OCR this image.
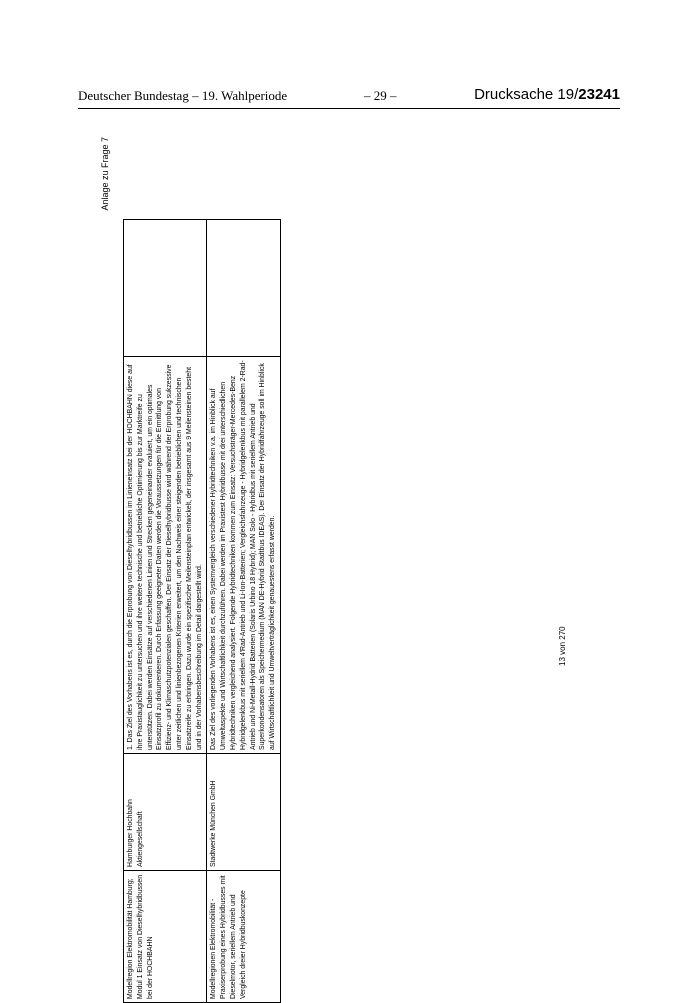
Deutscher Bundestag – 19. Wahlperiode	– 29 –	Drucksache 19/23241
Anlage zu Frage 7
Modellregion Elektromobilität Hamburg; Modul 1 Einsatz von Dieselhybridbussen bei der HOCHBAHN	Hamburger Hochbahn Aktiengesellschaft	1. Das Ziel des Vorhabens ist es, durch die Erprobung von Dieselhybridbussen im Linieneinsatz bei der HOCHBAHN diese auf ihre Praxistauglichkeit zu untersuchen und ihre weitere technische und betriebliche Optimierung bis zur Marktreife zu unterstützen. Dabei werden Einsätze auf verschiedenen Linien und Strecken gegeneinander evaluiert, um ein optimales Einsatzprofil zu dokumentieren. Durch Erfassung geeigneter Daten werden die Voraussetzungen für die Ermittlung von Effizienz- und Klimaschutzpotenzialen geschaffen. Der Einsatz der Dieselhybridbusse wird während der Erprobung sukzessive unter zeitlichen und linienbezogenen Kriterien erweitert, um den Nachweis einer steigenden betrieblichen und technischen Einsatzreife zu erbringen. Dazu wurde ein spezifischer Meilensteinplan entwickelt, der insgesamt aus 9 Meilensteinen besteht und in der Vorhabensbeschreibung im Detail dargestellt wird.	

Modellregionen Elektromobilität - Praxiserprobung eines Hybridbusses mit Dieselmotor, seriellem Antrieb und Vergleich dreier Hybridbuskonzepte	Stadtwerke München GmbH	Das Ziel des vorliegenden Vorhabens ist es, einen Systemvergleich verschiedener Hybridtechniken v.a. im Hinblick auf Umweltaspekte und Wirtschaftlichkeit durchzuführen. Dabei werden im Praxistest Hybridbusse mit drei unterschiedlichen Hybridtechniken vergleichend analysiert. Folgende Hybridtechniken kommen zum Einsatz: Versuchsträger-Mercedes-Benz Hybridgelenkbus mit seriellem 4'Rad-Antrieb und Li-Ion-Batterien; Vergleichsfahrzeuge - Hybridgelenkbus mit parallelem 2-Rad-Antrieb und Ni-Metall-Hydrid Batterien (Solaris Urbino 18 Hybrid); MAN Solo - Hybridbus mit seriellem Antrieb und Superkondensatoren als Speichermedium (MAN DE-Hybrid Stadtbus IDEAS). Der Einsatz der Hybridfahrzeuge soll im Hinblick auf Wirtschaftlichkeit und Umweltverträglichkeit genauestens erfasst werden.	
		13 von 270
